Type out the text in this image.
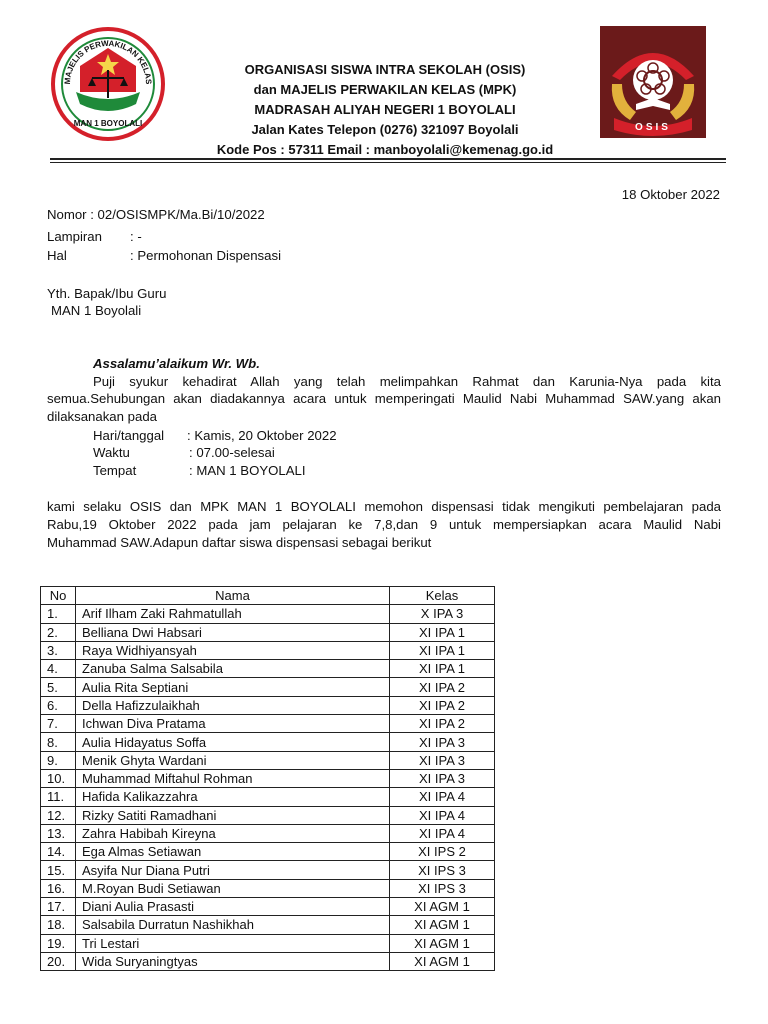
MAJELIS PERWAKILAN KELAS
MAN 1 BOYOLALI	OSIS
ORGANISASI SISWA INTRA SEKOLAH (OSIS)
dan MAJELIS PERWAKILAN KELAS (MPK)
MADRASAH ALIYAH NEGERI 1 BOYOLALI
Jalan Kates Telepon (0276) 321097 Boyolali
Kode Pos : 57311 Email : manboyolali@kemenag.go.id
18 Oktober 2022
Nomor : 02/OSISMPK/Ma.Bi/10/2022
Lampiran : -
Hal	: Permohonan Dispensasi
Yth. Bapak/Ibu Guru
MAN 1 Boyolali
Assalamu’alaikum Wr. Wb.
Puji syukur kehadirat Allah yang telah melimpahkan Rahmat dan Karunia-Nya pada kita
semua.Sehubungan akan diadakannya acara untuk memperingati Maulid Nabi Muhammad SAW.yang akan
dilaksanakan pada
Hari/tanggal : Kamis, 20 Oktober 2022
Waktu	: 07.00-selesai
Tempat	: MAN 1 BOYOLALI
kami selaku OSIS dan MPK MAN 1 BOYOLALI memohon dispensasi tidak mengikuti pembelajaran pada
Rabu,19 Oktober 2022 pada jam pelajaran ke 7,8,dan 9 untuk mempersiapkan acara Maulid Nabi
Muhammad SAW.Adapun daftar siswa dispensasi sebagai berikut
No	Nama	Kelas
1.	Arif Ilham Zaki Rahmatullah	X IPA 3
2.	Belliana Dwi Habsari	XI IPA 1
3.	Raya Widhiyansyah	XI IPA 1
4.	Zanuba Salma Salsabila	XI IPA 1
5.	Aulia Rita Septiani	XI IPA 2
6.	Della Hafizzulaikhah	XI IPA 2
7.	Ichwan Diva Pratama	XI IPA 2
8.	Aulia Hidayatus Soffa	XI IPA 3
9.	Menik Ghyta Wardani	XI IPA 3
10.	Muhammad Miftahul Rohman	XI IPA 3
11.	Hafida Kalikazzahra	XI IPA 4
12.	Rizky Satiti Ramadhani	XI IPA 4
13.	Zahra Habibah Kireyna	XI IPA 4
14.	Ega Almas Setiawan	XI IPS 2
15.	Asyifa Nur Diana Putri	XI IPS 3
16.	M.Royan Budi Setiawan	XI IPS 3
17.	Diani Aulia Prasasti	XI AGM 1
18.	Salsabila Durratun Nashikhah	XI AGM 1
19.	Tri Lestari	XI AGM 1
20.	Wida Suryaningtyas	XI AGM 1
